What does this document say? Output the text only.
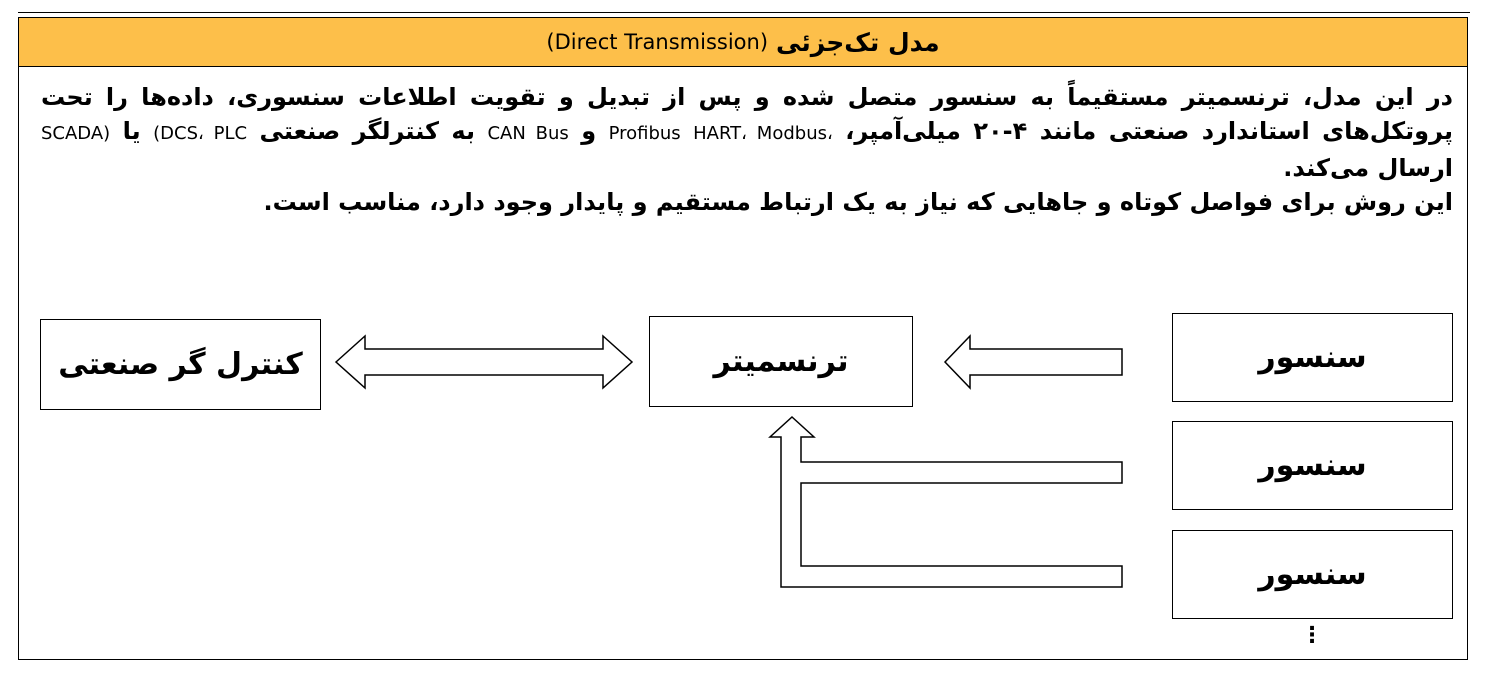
مدل تک‌جزئی
(Direct Transmission)

در این مدل، ترنسمیتر مستقیماً به سنسور متصل شده و پس از تبدیل و تقویت اطلاعات سنسوری، داده‌ها را تحت پروتکل‌های استاندارد صنعتی مانند ۴-۲۰ میلی‌آمپر، HART، Modbus، Profibus و CAN Bus به کنترلگر صنعتی (DCS، PLC یا SCADA) ارسال می‌کند.

این روش برای فواصل کوتاه و جاهایی که نیاز به یک ارتباط مستقیم و پایدار وجود دارد، مناسب است.

کنترل گر صنعتی	ترنسمیتر	سنسور
سنسور
سنسور
⋮
